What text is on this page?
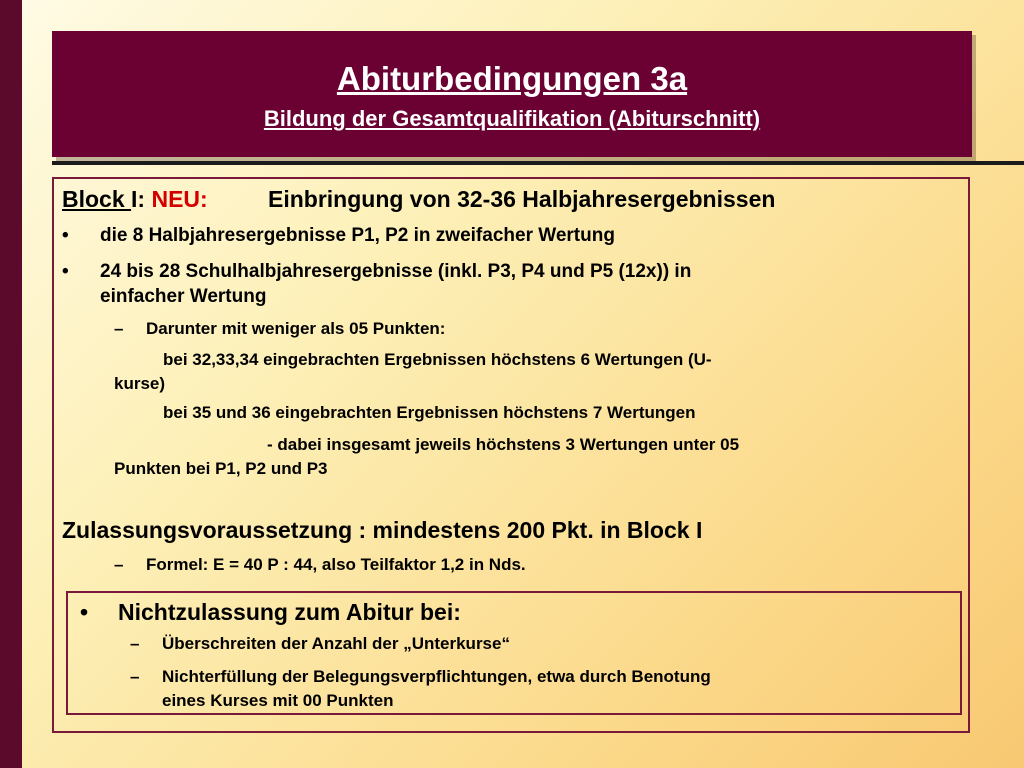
Abiturbedingungen 3a
Bildung der Gesamtqualifikation (Abiturschnitt)
Block I: NEU:	Einbringung von 32-36 Halbjahresergebnissen
• die 8 Halbjahresergebnisse P1, P2 in zweifacher Wertung
• 24 bis 28 Schulhalbjahresergebnisse (inkl. P3, P4 und P5 (12x)) in
einfacher Wertung
– Darunter mit weniger als 05 Punkten:
bei 32,33,34 eingebrachten Ergebnissen höchstens 6 Wertungen (U-
kurse)
bei 35 und 36 eingebrachten Ergebnissen höchstens 7 Wertungen
- dabei insgesamt jeweils höchstens 3 Wertungen unter 05
Punkten bei P1, P2 und P3
Zulassungsvoraussetzung : mindestens 200 Pkt. in Block I
– Formel: E = 40 P : 44, also Teilfaktor 1,2 in Nds.
• Nichtzulassung zum Abitur bei:
– Überschreiten der Anzahl der „Unterkurse“
– Nichterfüllung der Belegungsverpflichtungen, etwa durch Benotung
eines Kurses mit 00 Punkten
